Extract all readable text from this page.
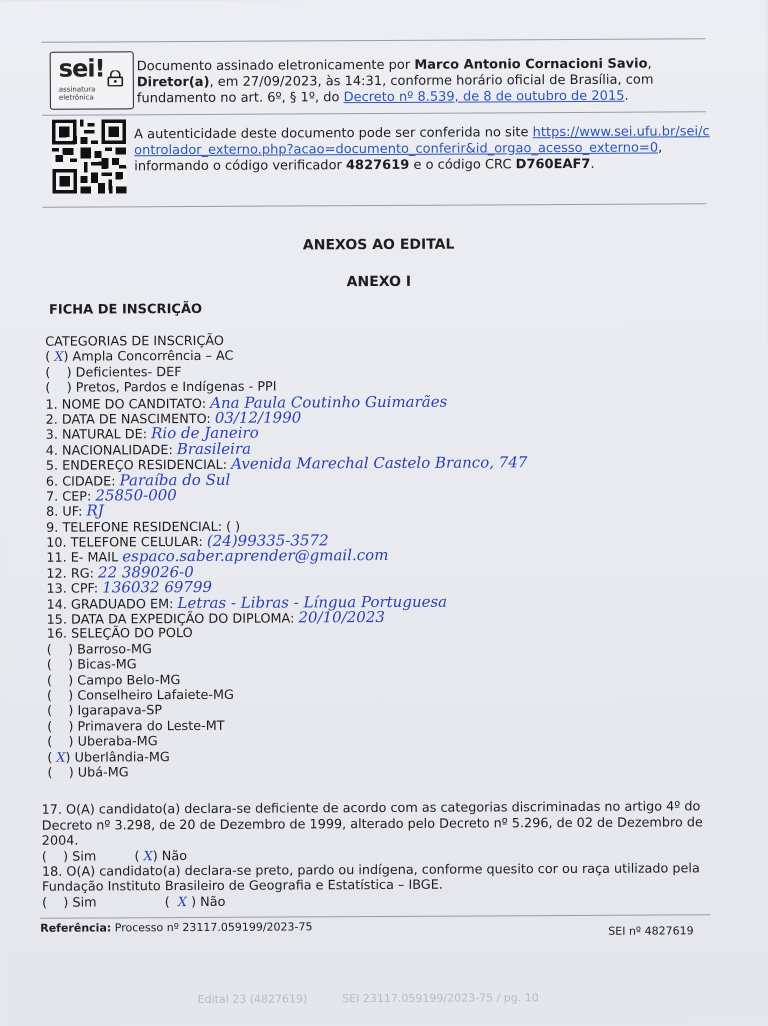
sei!
assinatura eletrônica
Documento assinado eletronicamente por Marco Antonio Cornacioni Savio, Diretor(a), em 27/09/2023, às 14:31, conforme horário oficial de Brasília, com fundamento no art. 6º, § 1º, do Decreto nº 8.539, de 8 de outubro de 2015.
A autenticidade deste documento pode ser conferida no site https://www.sei.ufu.br/sei/controlador_externo.php?acao=documento_conferir&id_orgao_acesso_externo=0, informando o código verificador 4827619 e o código CRC D760EAF7.
ANEXOS AO EDITAL
ANEXO I
FICHA DE INSCRIÇÃO
CATEGORIAS DE INSCRIÇÃO
( X) Ampla Concorrência – AC
(    ) Deficientes- DEF
(    ) Pretos, Pardos e Indígenas - PPI
1. NOME DO CANDITATO: Ana Paula Coutinho Guimarães
2. DATA DE NASCIMENTO: 03/12/1990
3. NATURAL DE: Rio de Janeiro
4. NACIONALIDADE: Brasileira
5. ENDEREÇO RESIDENCIAL: Avenida Marechal Castelo Branco, 747
6. CIDADE: Paraíba do Sul
7. CEP: 25850-000
8. UF: RJ
9. TELEFONE RESIDENCIAL: ( )
10. TELEFONE CELULAR: (24)99335-3572
11. E- MAIL espaco.saber.aprender@gmail.com
12. RG: 22 389026-0
13. CPF: 136032 69799
14. GRADUADO EM: Letras - Libras - Língua Portuguesa
15. DATA DA EXPEDIÇÃO DO DIPLOMA: 20/10/2023
16. SELEÇÃO DO POLO
(    ) Barroso-MG
(    ) Bicas-MG
(    ) Campo Belo-MG
(    ) Conselheiro Lafaiete-MG
(    ) Igarapava-SP
(    ) Primavera do Leste-MT
(    ) Uberaba-MG
( X) Uberlândia-MG
(    ) Ubá-MG
17. O(A) candidato(a) declara-se deficiente de acordo com as categorias discriminadas no artigo 4º do Decreto nº 3.298, de 20 de Dezembro de 1999, alterado pelo Decreto nº 5.296, de 02 de Dezembro de 2004.
(    ) Sim	( X) Não
18. O(A) candidato(a) declara-se preto, pardo ou indígena, conforme quesito cor ou raça utilizado pela Fundação Instituto Brasileiro de Geografia e Estatística – IBGE.
(    ) Sim	(  X ) Não
Referência: Processo nº 23117.059199/2023-75	SEI nº 4827619
Edital 23 (4827619)          SEI 23117.059199/2023-75 / pg. 10
